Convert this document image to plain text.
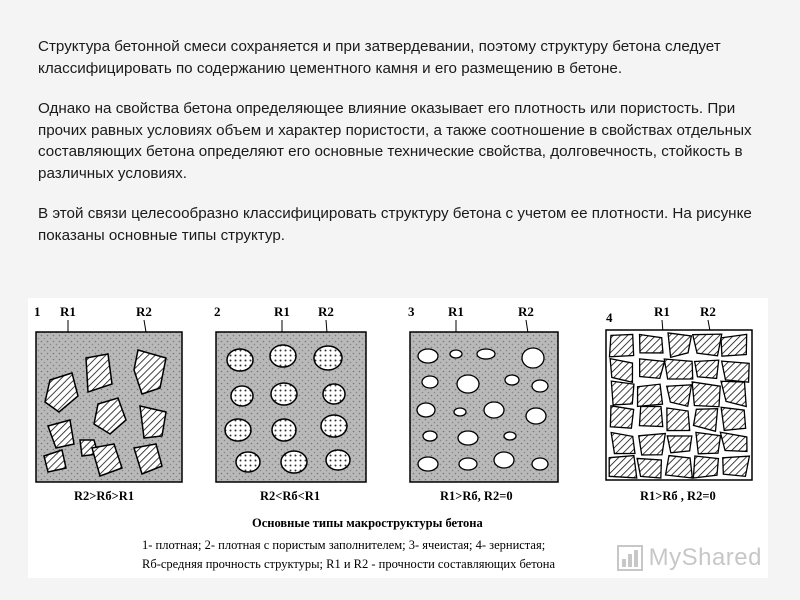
Структура бетонной смеси сохраняется и при затвердевании, поэтому структуру бетона следует классифицировать по содержанию цементного камня и его размещению в бетоне.

Однако на свойства бетона определяющее влияние оказывает его плотность или пористость. При прочих равных условиях объем и характер пористости, а также соотношение в свойствах отдельных составляющих бетона определяют его основные технические свойства, долговечность, стойкость в различных условиях.

В этой связи целесообразно классифицировать структуру бетона с учетом ее плотности. На рисунке показаны основные типы структур.

1 R1	R2
R2>Rб>R1
2	R1 R2
R2<Rб<R1
3	R1	R2
R1>Rб, R2=0
4	R1 R2
R1>Rб , R2=0
Основные типы макроструктуры бетона
1- плотная; 2- плотная с пористым заполнителем; 3- ячеистая; 4- зернистая;
Rб-средняя прочность структуры; R1 и R2 - прочности составляющих бетона	MyShared
